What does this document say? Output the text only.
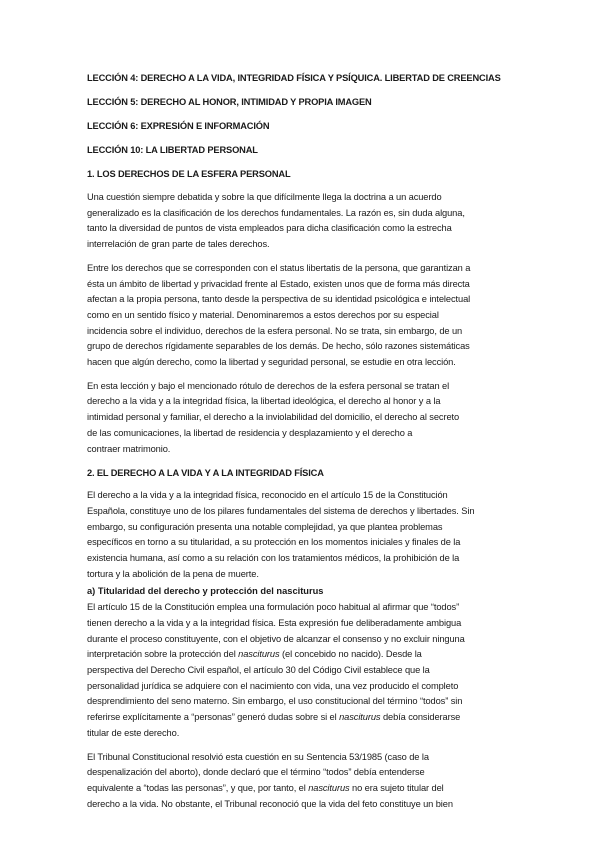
LECCIÓN 4: DERECHO A LA VIDA, INTEGRIDAD FÍSICA Y PSÍQUICA. LIBERTAD DE CREENCIAS
LECCIÓN 5: DERECHO AL HONOR, INTIMIDAD Y PROPIA IMAGEN
LECCIÓN 6: EXPRESIÓN E INFORMACIÓN
LECCIÓN 10: LA LIBERTAD PERSONAL
1. LOS DERECHOS DE LA ESFERA PERSONAL
Una cuestión siempre debatida y sobre la que difícilmente llega la doctrina a un acuerdo
generalizado es la clasificación de los derechos fundamentales. La razón es, sin duda alguna,
tanto la diversidad de puntos de vista empleados para dicha clasificación como la estrecha
interrelación de gran parte de tales derechos.
Entre los derechos que se corresponden con el status libertatis de la persona, que garantizan a
ésta un ámbito de libertad y privacidad frente al Estado, existen unos que de forma más directa
afectan a la propia persona, tanto desde la perspectiva de su identidad psicológica e intelectual
como en un sentido físico y material. Denominaremos a estos derechos por su especial
incidencia sobre el individuo, derechos de la esfera personal. No se trata, sin embargo, de un
grupo de derechos rígidamente separables de los demás. De hecho, sólo razones sistemáticas
hacen que algún derecho, como la libertad y seguridad personal, se estudie en otra lección.
En esta lección y bajo el mencionado rótulo de derechos de la esfera personal se tratan el
derecho a la vida y a la integridad física, la libertad ideológica, el derecho al honor y a la
intimidad personal y familiar, el derecho a la inviolabilidad del domicilio, el derecho al secreto
de las comunicaciones, la libertad de residencia y desplazamiento y el derecho a
contraer matrimonio.
2. EL DERECHO A LA VIDA Y A LA INTEGRIDAD FÍSICA
El derecho a la vida y a la integridad física, reconocido en el artículo 15 de la Constitución
Española, constituye uno de los pilares fundamentales del sistema de derechos y libertades. Sin
embargo, su configuración presenta una notable complejidad, ya que plantea problemas
específicos en torno a su titularidad, a su protección en los momentos iniciales y finales de la
existencia humana, así como a su relación con los tratamientos médicos, la prohibición de la
tortura y la abolición de la pena de muerte.
a) Titularidad del derecho y protección del nasciturus
El artículo 15 de la Constitución emplea una formulación poco habitual al afirmar que “todos”
tienen derecho a la vida y a la integridad física. Esta expresión fue deliberadamente ambigua
durante el proceso constituyente, con el objetivo de alcanzar el consenso y no excluir ninguna
interpretación sobre la protección del nasciturus (el concebido no nacido). Desde la
perspectiva del Derecho Civil español, el artículo 30 del Código Civil establece que la
personalidad jurídica se adquiere con el nacimiento con vida, una vez producido el completo
desprendimiento del seno materno. Sin embargo, el uso constitucional del término “todos” sin
referirse explícitamente a “personas” generó dudas sobre si el nasciturus debía considerarse
titular de este derecho.
El Tribunal Constitucional resolvió esta cuestión en su Sentencia 53/1985 (caso de la
despenalización del aborto), donde declaró que el término “todos” debía entenderse
equivalente a “todas las personas”, y que, por tanto, el nasciturus no era sujeto titular del
derecho a la vida. No obstante, el Tribunal reconoció que la vida del feto constituye un bien
